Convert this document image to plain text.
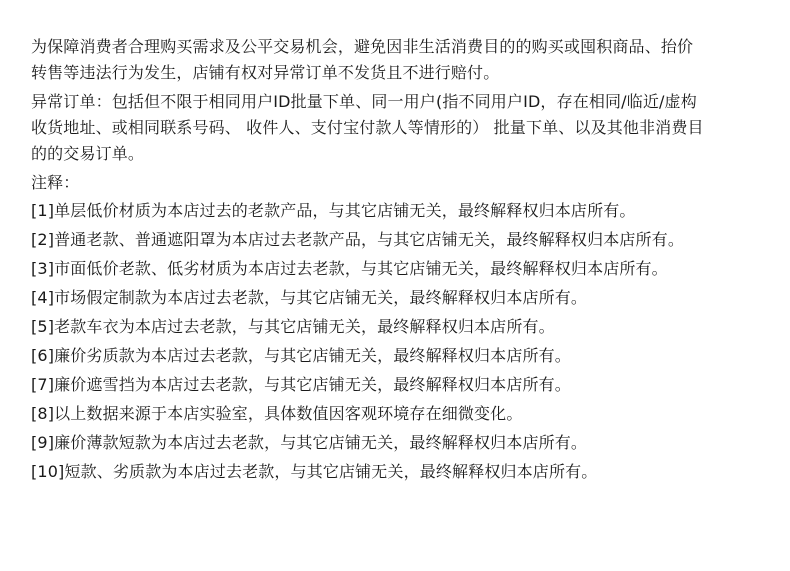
为保障消费者合理购买需求及公平交易机会，避免因非生活消费目的的购买或囤积商品、抬价
转售等违法行为发生，店铺有权对异常订单不发货且不进行赔付。
异常订单：包括但不限于相同用户ID批量下单、同一用户(指不同用户ID，存在相同/临近/虚构
收货地址、或相同联系号码、 收件人、支付宝付款人等情形的） 批量下单、以及其他非消费目
的的交易订单。
注释：
[1]单层低价材质为本店过去的老款产品，与其它店铺无关，最终解释权归本店所有。
[2]普通老款、普通遮阳罩为本店过去老款产品，与其它店铺无关，最终解释权归本店所有。
[3]市面低价老款、低劣材质为本店过去老款，与其它店铺无关，最终解释权归本店所有。
[4]市场假定制款为本店过去老款，与其它店铺无关，最终解释权归本店所有。
[5]老款车衣为本店过去老款，与其它店铺无关，最终解释权归本店所有。
[6]廉价劣质款为本店过去老款，与其它店铺无关，最终解释权归本店所有。
[7]廉价遮雪挡为本店过去老款，与其它店铺无关，最终解释权归本店所有。
[8]以上数据来源于本店实验室，具体数值因客观环境存在细微变化。
[9]廉价薄款短款为本店过去老款，与其它店铺无关，最终解释权归本店所有。
[10]短款、劣质款为本店过去老款，与其它店铺无关，最终解释权归本店所有。
